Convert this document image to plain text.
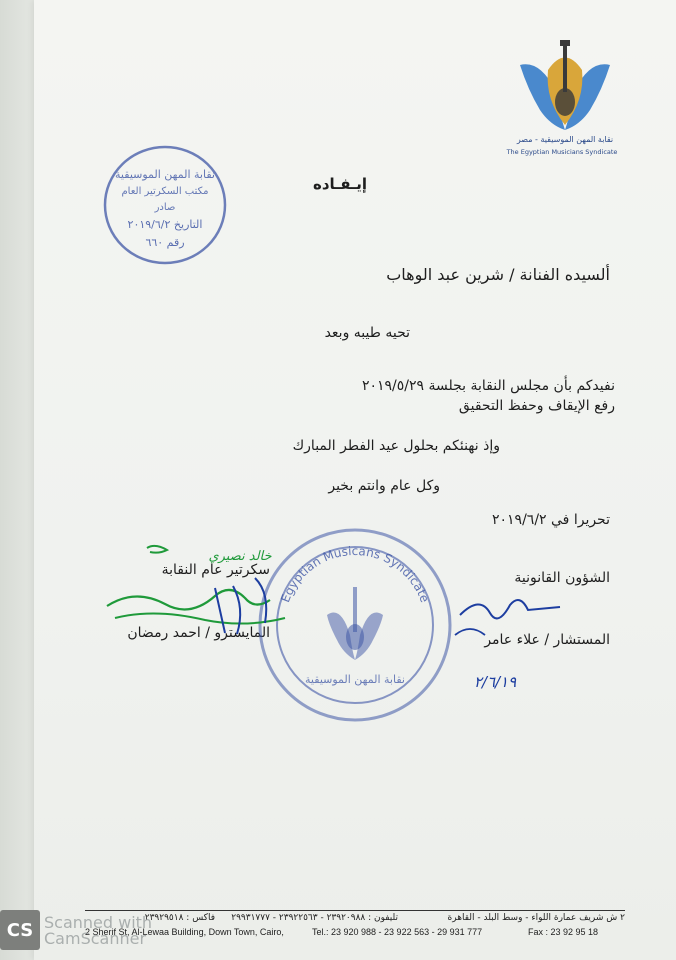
نقابة المهن الموسيقية - مصر
The Egyptian Musicians Syndicate
نقابة المهن الموسيقية
مكتب السكرتير العام
صادر
التاريخ ٢٠١٩/٦/٢
رقم ٦٦٠
إيـفـاده
ألسيده الفنانة / شرين عبد الوهاب
تحيه طيبه وبعد
نفيدكم بأن مجلس النقابة بجلسة ٢٠١٩/٥/٢٩
رفع الإيقاف وحفظ التحقيق
وإذ نهنئكم بحلول عيد الفطر المبارك
وكل عام وانتم بخير
تحريرا في ٢٠١٩/٦/٢
الشؤون القانونية
المستشار / علاء عامر
سكرتير عام النقابة
المايسترو / احمد رمضان
Egyptian Musicans Syndicate
نقابة المهن الموسيقية
خالد نصيري
٢/٦/١٩
٢ ش شريف عمارة اللواء - وسط البلد - القاهرة
تليفون : ٢٣٩٢٠٩٨٨ - ٢٣٩٢٢٥٦٣ - ٢٩٩٣١٧٧٧
فاكس : ٢٣٩٢٩٥١٨
2 Sherif St, Al-Lewaa Building, Down Town, Cairo,	Tel.: 23 920 988 - 23 922 563 - 29 931 777	Fax : 23 92 95 18
CS Scanned with
CamScanner
